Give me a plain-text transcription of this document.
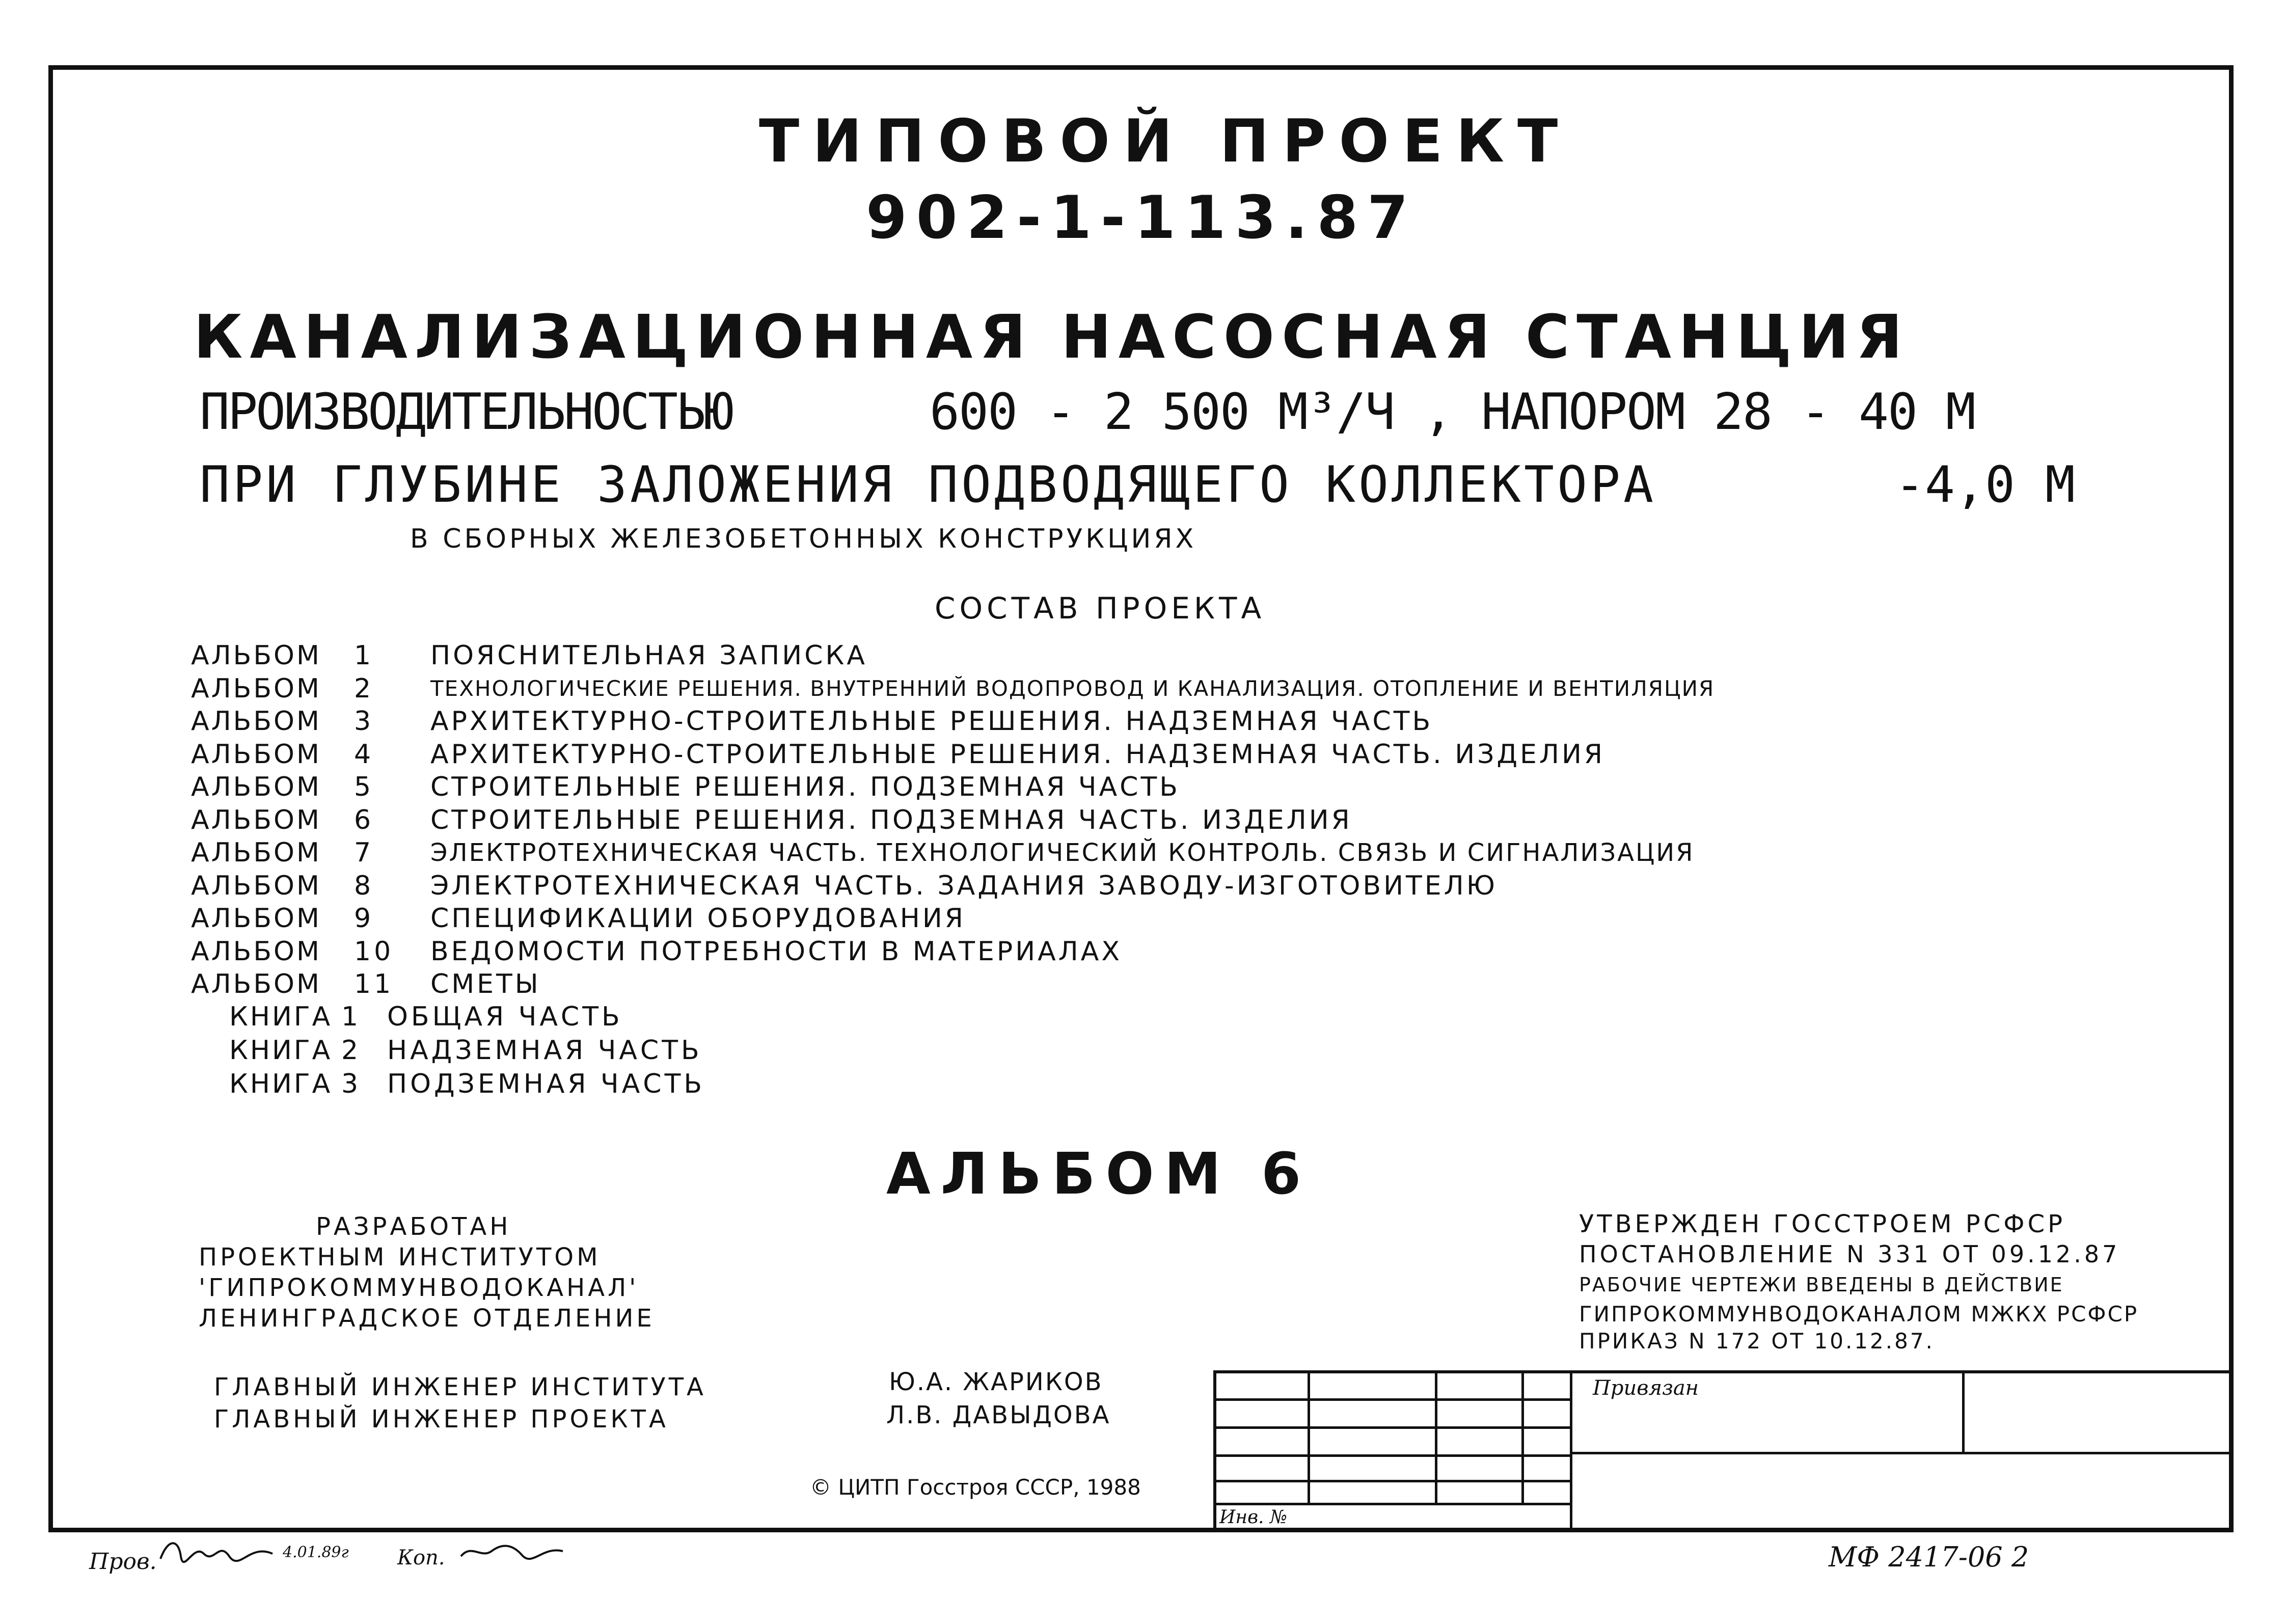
ТИПОВОЙ ПРОЕКТ
902-1-113.87
КАНАЛИЗАЦИОННАЯ НАСОСНАЯ СТАНЦИЯ
ПРОИЗВОДИТЕЛЬНОСТЬЮ	600 - 2 500 М³/Ч , НАПОРОМ 28 - 40 М
ПРИ ГЛУБИНЕ ЗАЛОЖЕНИЯ ПОДВОДЯЩЕГО КОЛЛЕКТОРА	-4,0 М
В СБОРНЫХ ЖЕЛЕЗОБЕТОННЫХ КОНСТРУКЦИЯХ
СОСТАВ ПРОЕКТА
АЛЬБОМ	1	ПОЯСНИТЕЛЬНАЯ ЗАПИСКА
АЛЬБОМ	2	ТЕХНОЛОГИЧЕСКИЕ РЕШЕНИЯ. ВНУТРЕННИЙ ВОДОПРОВОД И КАНАЛИЗАЦИЯ. ОТОПЛЕНИЕ И ВЕНТИЛЯЦИЯ
АЛЬБОМ	3	АРХИТЕКТУРНО-СТРОИТЕЛЬНЫЕ РЕШЕНИЯ. НАДЗЕМНАЯ ЧАСТЬ
АЛЬБОМ	4	АРХИТЕКТУРНО-СТРОИТЕЛЬНЫЕ РЕШЕНИЯ. НАДЗЕМНАЯ ЧАСТЬ. ИЗДЕЛИЯ
АЛЬБОМ	5	СТРОИТЕЛЬНЫЕ РЕШЕНИЯ. ПОДЗЕМНАЯ ЧАСТЬ
АЛЬБОМ	6	СТРОИТЕЛЬНЫЕ РЕШЕНИЯ. ПОДЗЕМНАЯ ЧАСТЬ. ИЗДЕЛИЯ
АЛЬБОМ	7	ЭЛЕКТРОТЕХНИЧЕСКАЯ ЧАСТЬ. ТЕХНОЛОГИЧЕСКИЙ КОНТРОЛЬ. СВЯЗЬ И СИГНАЛИЗАЦИЯ
АЛЬБОМ	8	ЭЛЕКТРОТЕХНИЧЕСКАЯ ЧАСТЬ. ЗАДАНИЯ ЗАВОДУ-ИЗГОТОВИТЕЛЮ
АЛЬБОМ	9	СПЕЦИФИКАЦИИ ОБОРУДОВАНИЯ
АЛЬБОМ	10	ВЕДОМОСТИ ПОТРЕБНОСТИ В МАТЕРИАЛАХ
АЛЬБОМ	11	СМЕТЫ
КНИГА 1 ОБЩАЯ ЧАСТЬ
КНИГА 2 НАДЗЕМНАЯ ЧАСТЬ
КНИГА 3 ПОДЗЕМНАЯ ЧАСТЬ
АЛЬБОМ 6
РАЗРАБОТАН
ПРОЕКТНЫМ ИНСТИТУТОМ
'ГИПРОКОММУНВОДОКАНАЛ'
ЛЕНИНГРАДСКОЕ ОТДЕЛЕНИЕ
УТВЕРЖДЕН ГОССТРОЕМ РСФСР
ПОСТАНОВЛЕНИЕ N 331 ОТ 09.12.87
РАБОЧИЕ ЧЕРТЕЖИ ВВЕДЕНЫ В ДЕЙСТВИЕ
ГИПРОКОММУНВОДОКАНАЛОМ МЖКХ РСФСР
ПРИКАЗ N 172 ОТ 10.12.87.
ГЛАВНЫЙ ИНЖЕНЕР ИНСТИТУТА	Ю.А. ЖАРИКОВ
ГЛАВНЫЙ ИНЖЕНЕР ПРОЕКТА	Л.В. ДАВЫДОВА
© ЦИТП Госстроя СССР, 1988
Привязан
Инв. №
Пров.	4.01.89г Коп.	МФ 2417-06 2
